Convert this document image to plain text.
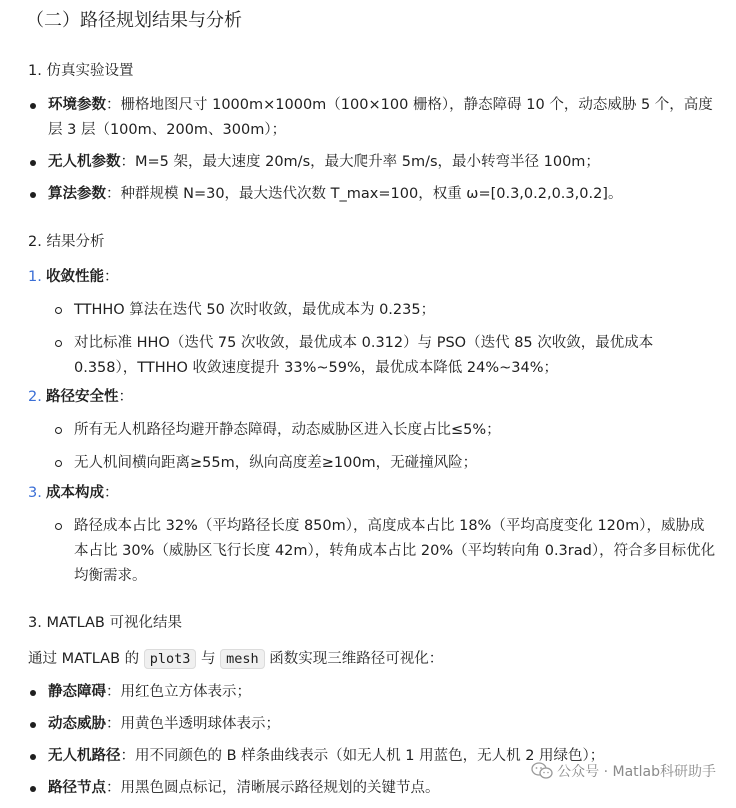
（二）路径规划结果与分析
1. 仿真实验设置
环境参数：栅格地图尺寸 1000m×1000m（100×100 栅格），静态障碍 10 个，动态威胁 5 个，高度层 3 层（100m、200m、300m）；
无人机参数：M=5 架，最大速度 20m/s，最大爬升率 5m/s，最小转弯半径 100m；
算法参数：种群规模 N=30，最大迭代次数 T_max=100，权重 ω=[0.3,0.2,0.3,0.2]。
2. 结果分析
1. 收敛性能：
TTHHO 算法在迭代 50 次时收敛，最优成本为 0.235；
对比标准 HHO（迭代 75 次收敛，最优成本 0.312）与 PSO（迭代 85 次收敛，最优成本 0.358），TTHHO 收敛速度提升 33%~59%，最优成本降低 24%~34%；
2. 路径安全性：
所有无人机路径均避开静态障碍，动态威胁区进入长度占比≤5%；
无人机间横向距离≥55m，纵向高度差≥100m，无碰撞风险；
3. 成本构成：
路径成本占比 32%（平均路径长度 850m），高度成本占比 18%（平均高度变化 120m），威胁成本占比 30%（威胁区飞行长度 42m），转角成本占比 20%（平均转向角 0.3rad），符合多目标优化均衡需求。
3. MATLAB 可视化结果
通过 MATLAB 的 plot3 与 mesh 函数实现三维路径可视化：
静态障碍：用红色立方体表示；
动态威胁：用黄色半透明球体表示；
无人机路径：用不同颜色的 B 样条曲线表示（如无人机 1 用蓝色，无人机 2 用绿色）；
路径节点：用黑色圆点标记，清晰展示路径规划的关键节点。
公众号 · Matlab科研助手
